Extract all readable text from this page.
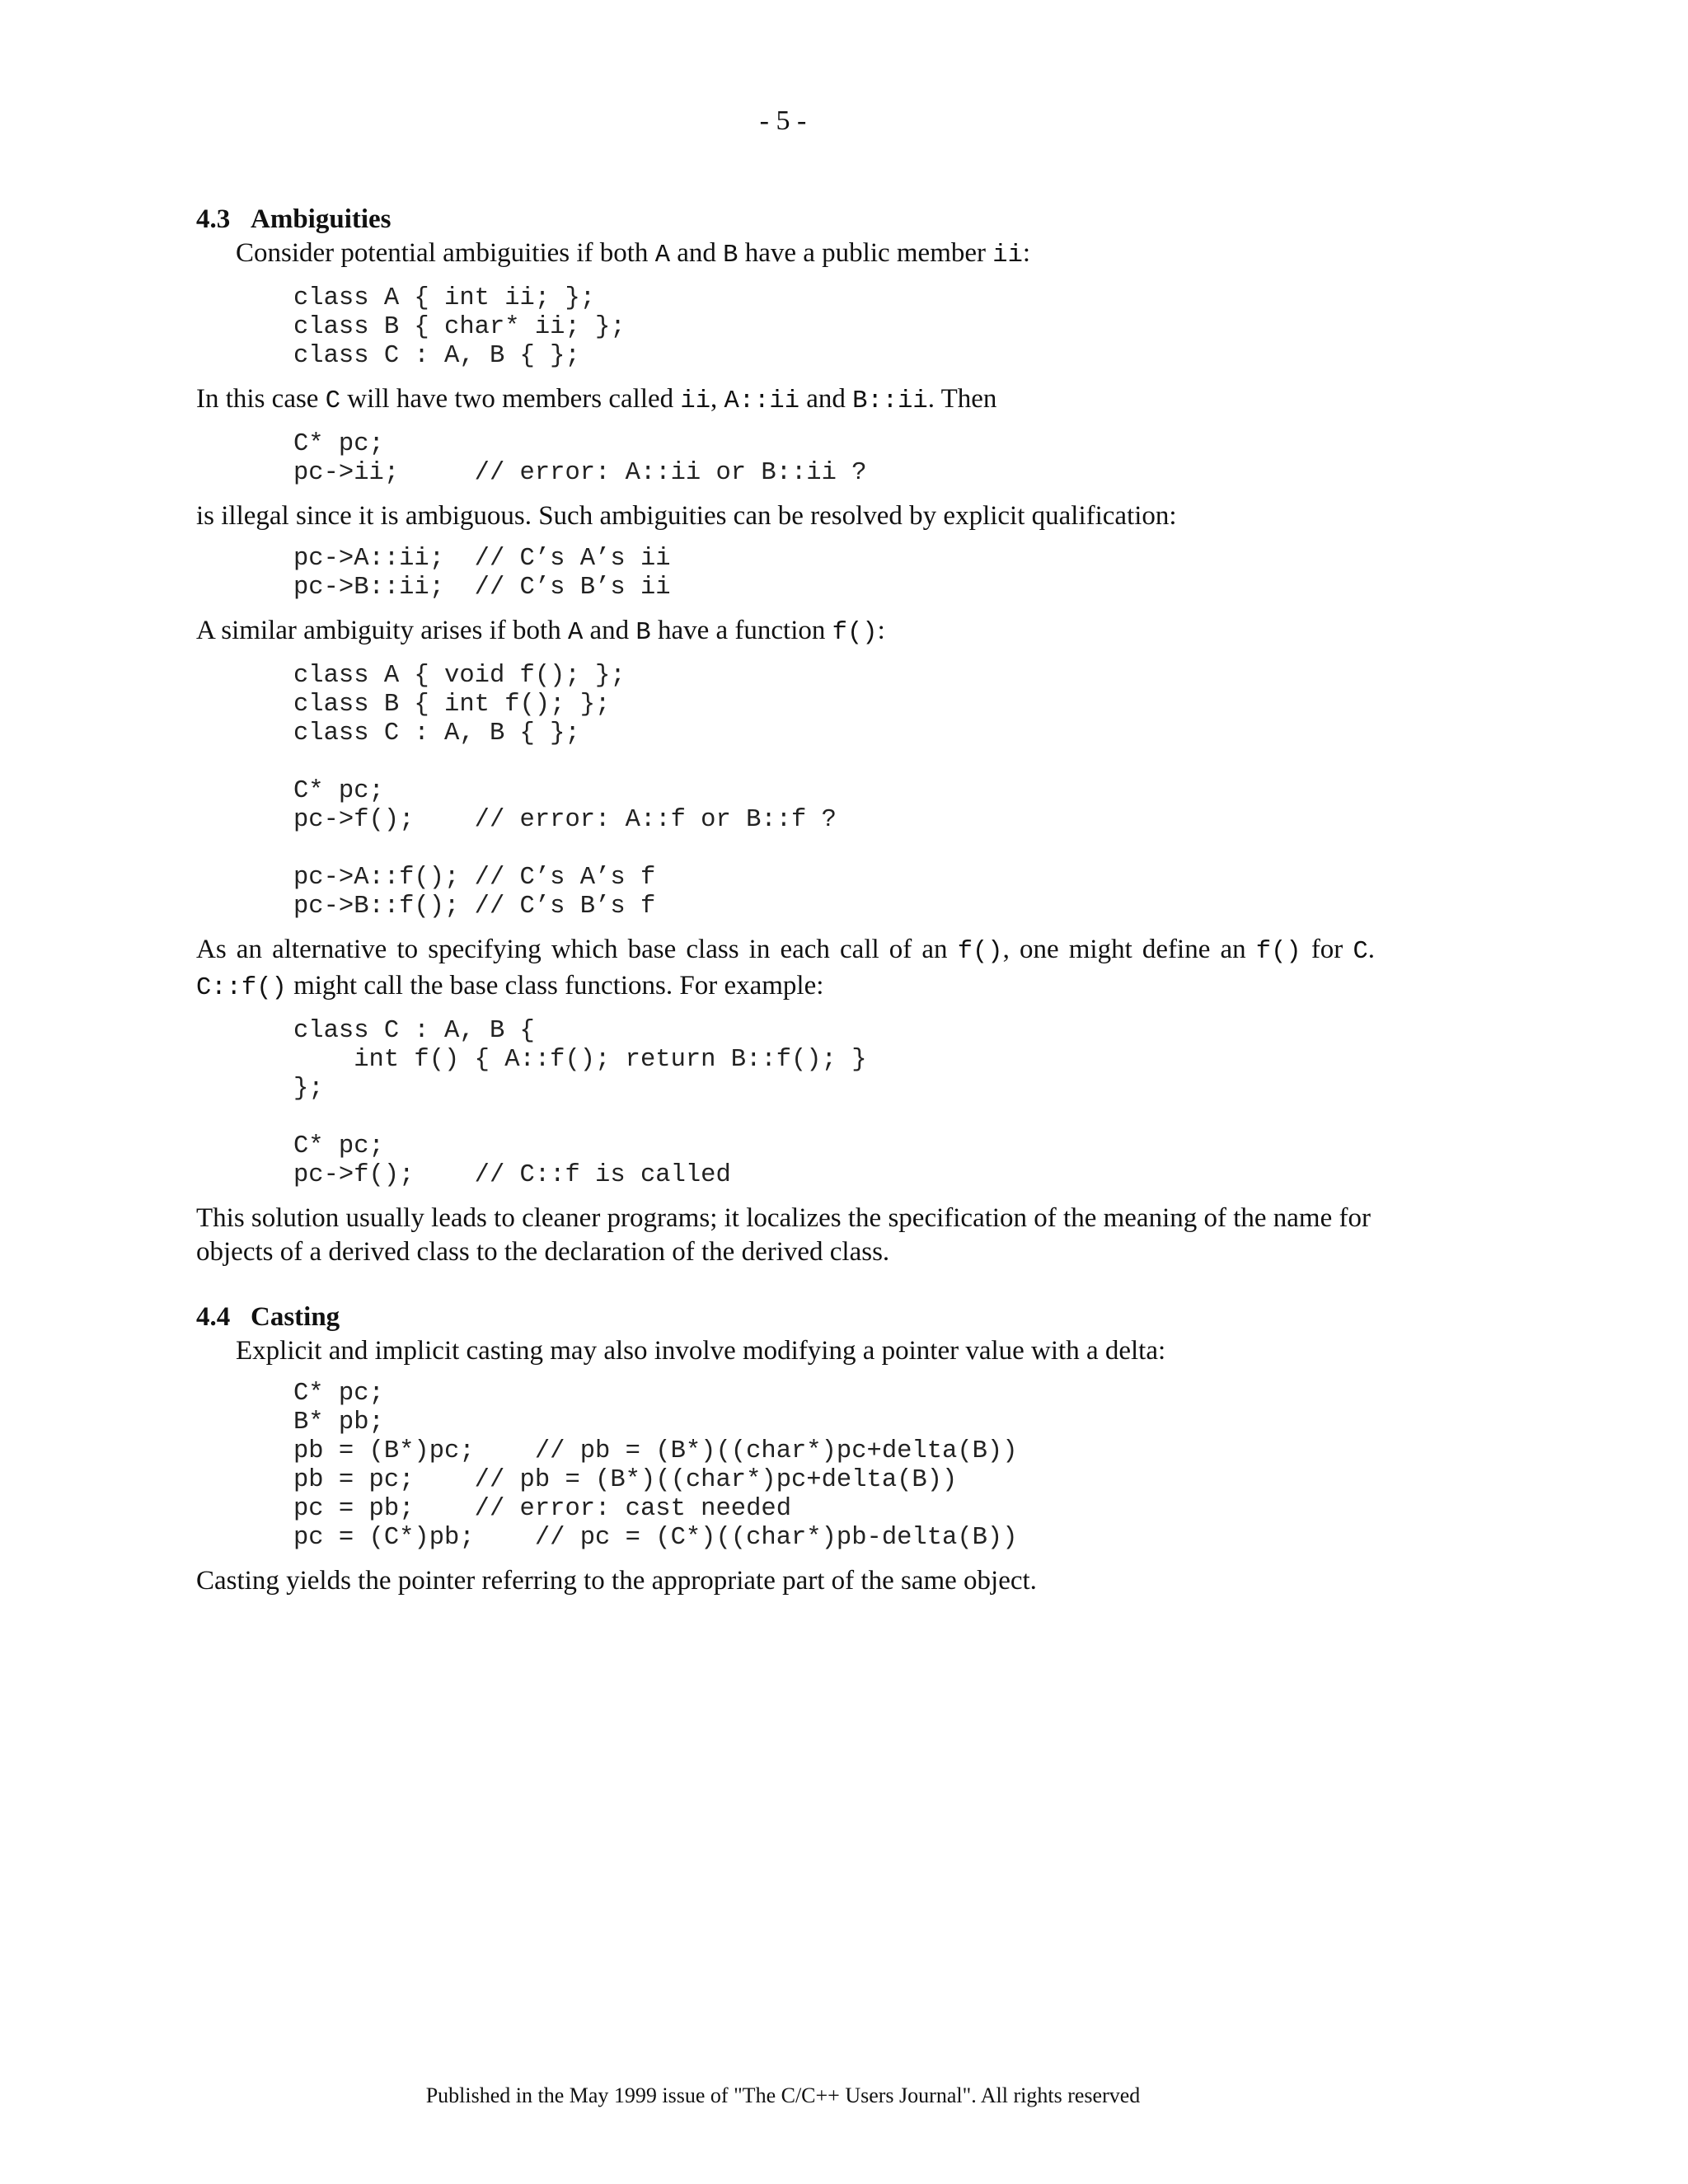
- 5 -
4.3 Ambiguities

Consider potential ambiguities if both A and B have a public member ii:

class A { int ii; };
class B { char* ii; };
class C : A, B { };

In this case C will have two members called ii, A::ii and B::ii. Then

C* pc;
pc->ii;     // error: A::ii or B::ii ?

is illegal since it is ambiguous. Such ambiguities can be resolved by explicit qualification:

pc->A::ii;  // C’s A’s ii
pc->B::ii;  // C’s B’s ii

A similar ambiguity arises if both A and B have a function f():

class A { void f(); };
class B { int f(); };
class C : A, B { };
C* pc;
pc->f();    // error: A::f or B::f ?
pc->A::f(); // C’s A’s f
pc->B::f(); // C’s B’s f

As an alternative to specifying which base class in each call of an f(), one might define an f() for C. C::f() might call the base class functions. For example:

class C : A, B {
int f() { A::f(); return B::f(); }
};
C* pc;
pc->f();    // C::f is called

This solution usually leads to cleaner programs; it localizes the specification of the meaning of the name for objects of a derived class to the declaration of the derived class.

4.4 Casting

Explicit and implicit casting may also involve modifying a pointer value with a delta:

C* pc;
B* pb;
pb = (B*)pc;    // pb = (B*)((char*)pc+delta(B))
pb = pc;    // pb = (B*)((char*)pc+delta(B))
pc = pb;    // error: cast needed
pc = (C*)pb;    // pc = (C*)((char*)pb-delta(B))

Casting yields the pointer referring to the appropriate part of the same object.

Published in the May 1999 issue of "The C/C++ Users Journal". All rights reserved
